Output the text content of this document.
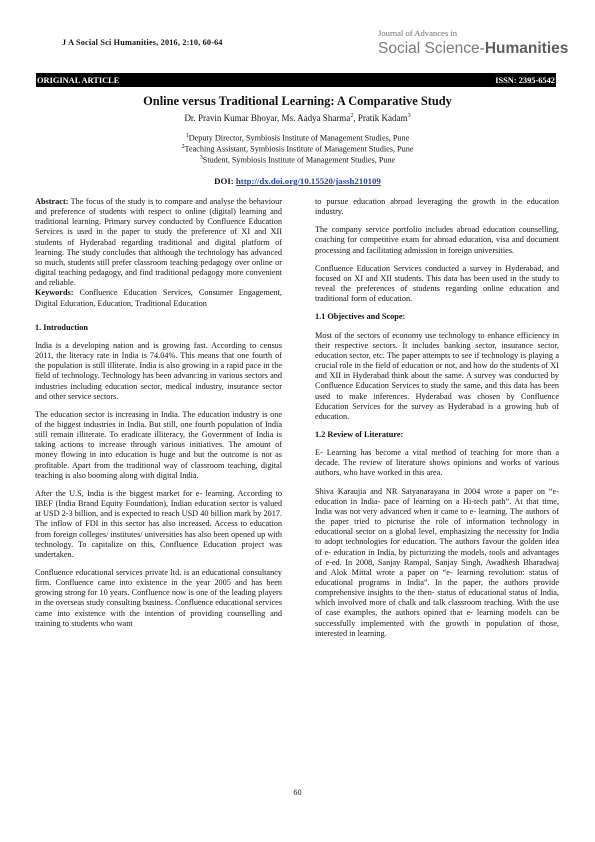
J A Social Sci Humanities, 2016, 2:10, 60-64
Journal of Advances in
Social Science-Humanities
ORIGINAL ARTICLE	ISSN: 2395-6542
Online versus Traditional Learning: A Comparative Study
Dr. Pravin Kumar Bhoyar, Ms. Aadya Sharma$^2$, Pratik Kadam$^3$
$^1$Deputy Director, Symbiosis Institute of Management Studies, Pune
$^2$Teaching Assistant, Symbiosis Institute of Management Studies, Pune
$^3$Student, Symbiosis Institute of Management Studies, Pune
DOI: http://dx.doi.org/10.15520/jassh210109

Abstract: The focus of the study is to compare and analyse the behaviour and preference of students with respect to online (digital) learning and traditional learning. Primary survey conducted by Confluence Education Services is used in the paper to study the preference of XI and XII students of Hyderabad regarding traditional and digital platform of learning. The study concludes that although the technology has advanced so much, students still prefer classroom teaching pedagogy over online or digital teaching pedagogy, and find traditional pedagogy more convenient and reliable.
Keywords: Confluence Education Services, Consumer Engagement, Digital Education, Education, Traditional Education

1. Introduction

India is a developing nation and is growing fast. According to census 2011, the literacy rate in India is 74.04%. This means that one fourth of the population is still illiterate. India is also growing in a rapid pace in the field of technology. Technology has been advancing in various sectors and industries including education sector, medical industry, insurance sector and other service sectors.

The education sector is increasing in India. The education industry is one of the biggest industries in India. But still, one fourth population of India still remain illiterate. To eradicate illiteracy, the Government of India is taking actions to increase through various initiatives. The amount of money flowing in into education is huge and but the outcome is not as profitable. Apart from the traditional way of classroom teaching, digital teaching is also booming along with digital India.

After the U.S, India is the biggest market for e- learning. According to IBEF (India Brand Equity Foundation), Indian education sector is valued at USD 2-3 billion, and is expected to reach USD 40 billion mark by 2017. The inflow of FDI in this sector has also increased. Access to education from foreign colleges/ institutes/ universities has also been opened up with technology. To capitalize on this, Confluence Education project was undertaken.

Confluence educational services private ltd. is an educational consultancy firm. Confluence came into existence in the year 2005 and has been growing strong for 10 years. Confluence now is one of the leading players in the overseas study consulting business. Confluence educational services came into existence with the intention of providing counselling and training to students who want

to pursue education abroad leveraging the growth in the education industry.

The company service portfolio includes abroad education counselling, coaching for competitive exam for abroad education, visa and document processing and facilitating admission in foreign universities.

Confluence Education Services conducted a survey in Hyderabad, and focused on XI and XII students. This data has been used in the study to reveal the preferences of students regarding online education and traditional form of education.

1.1 Objectives and Scope:

Most of the sectors of economy use technology to enhance efficiency in their respective sectors. It includes banking sector, insurance sector, education sector, etc. The paper attempts to see if technology is playing a crucial role in the field of education or not, and how do the students of XI and XII in Hyderabad think about the same. A survey was conducted by Confluence Education Services to study the same, and this data has been used to make inferences. Hyderabad was chosen by Confluence Education Services for the survey as Hyderabad is a growing hub of education.

1.2 Review of Literature:

E- Learning has become a vital method of teaching for more than a decade. The review of literature shows opinions and works of various authors, who have worked in this area.

Shiva Karaujia and NR Satyanarayana in 2004 wrote a paper on “e- education in India- pace of learning on a Hi-tech path”. At that time, India was not very advanced when it came to e- learning. The authors of the paper tried to picturise the role of information technology in educational sector on a global level, emphasizing the necessity for India to adopt technologies for education. The authors favour the golden idea of e- education in India, by picturizing the models, tools and advantages of e-ed. In 2008, Sanjay Rampal, Sanjay Singh, Awadhesh Bharadwaj and Alok Mittal wrote a paper on “e- learning revolution: status of educational programs in India”. In the paper, the authors provide comprehensive insights to the then- status of educational status of India, which involved more of chalk and talk classroom teaching. With the use of case examples, the authors opined that e- learning models can be successfully implemented with the growth in population of those, interested in learning.

60
